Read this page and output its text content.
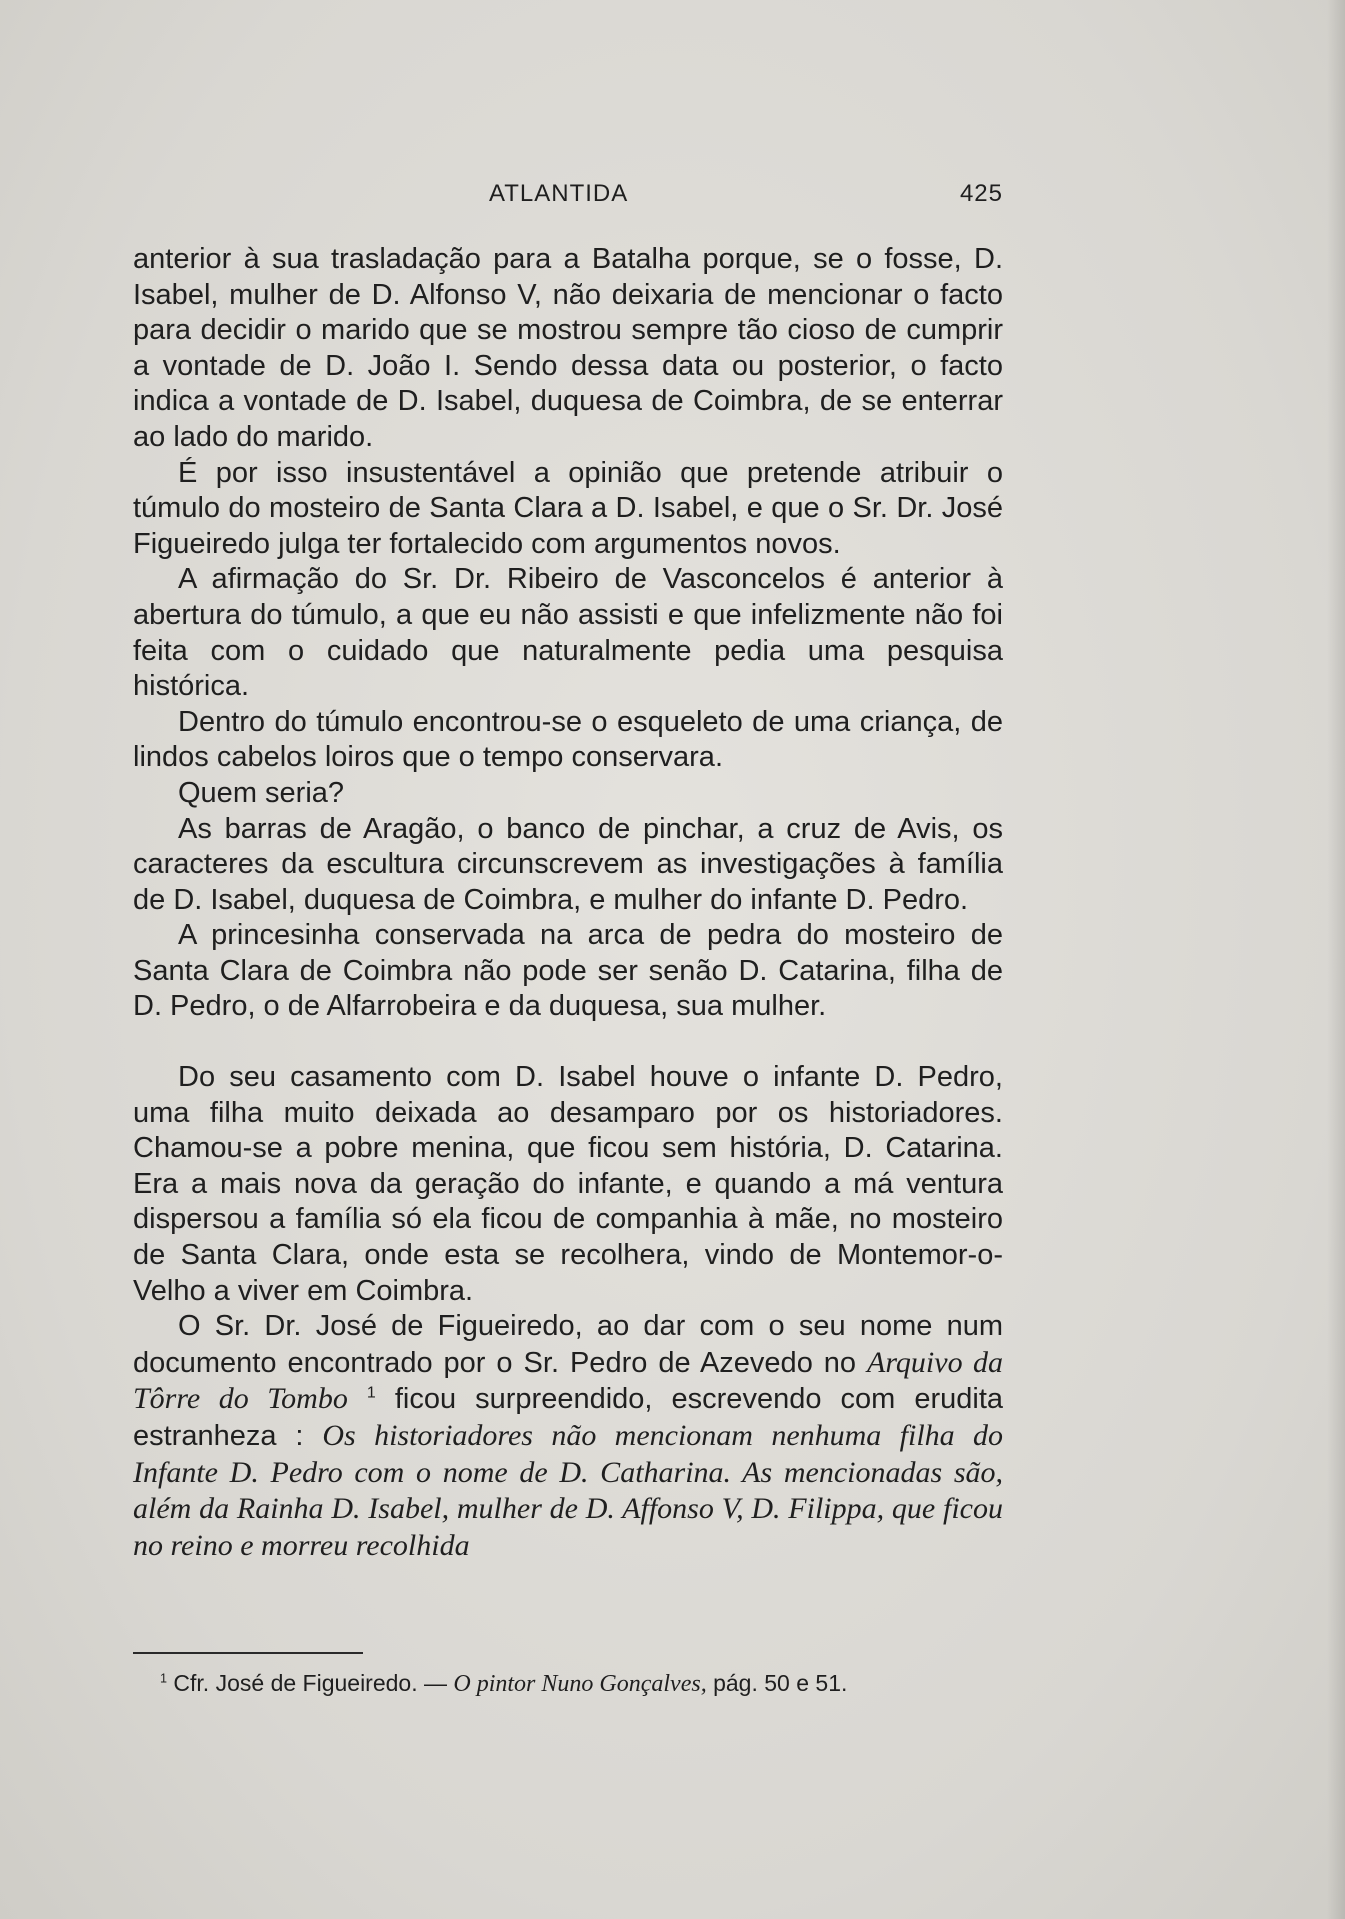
ATLANTIDA	425

anterior à sua trasladação para a Batalha porque, se o fosse, D. Isabel, mulher de D. Alfonso V, não deixaria de mencionar o facto para decidir o marido que se mostrou sempre tão cioso de cumprir a vontade de D. João I. Sendo dessa data ou posterior, o facto indica a vontade de D. Isabel, duquesa de Coimbra, de se enterrar ao lado do marido.

É por isso insustentável a opinião que pretende atribuir o túmulo do mosteiro de Santa Clara a D. Isabel, e que o Sr. Dr. José Figueiredo julga ter fortalecido com argumentos novos.

A afirmação do Sr. Dr. Ribeiro de Vasconcelos é anterior à abertura do túmulo, a que eu não assisti e que infelizmente não foi feita com o cuidado que naturalmente pedia uma pesquisa histórica.

Dentro do túmulo encontrou-se o esqueleto de uma criança, de lindos cabelos loiros que o tempo conservara.

Quem seria?

As barras de Aragão, o banco de pinchar, a cruz de Avis, os caracteres da escultura circunscrevem as investigações à família de D. Isabel, duquesa de Coimbra, e mulher do infante D. Pedro.

A princesinha conservada na arca de pedra do mosteiro de Santa Clara de Coimbra não pode ser senão D. Catarina, filha de D. Pedro, o de Alfarrobeira e da duquesa, sua mulher.

Do seu casamento com D. Isabel houve o infante D. Pedro, uma filha muito deixada ao desamparo por os historiadores. Chamou-se a pobre menina, que ficou sem história, D. Catarina. Era a mais nova da geração do infante, e quando a má ventura dispersou a família só ela ficou de companhia à mãe, no mosteiro de Santa Clara, onde esta se recolhera, vindo de Montemor-o-Velho a viver em Coimbra.

O Sr. Dr. José de Figueiredo, ao dar com o seu nome num documento encontrado por o Sr. Pedro de Azevedo no Arquivo da Tôrre do Tombo $^1$ ficou surpreendido, escrevendo com erudita estranheza : Os historiadores não mencionam nenhuma filha do Infante D. Pedro com o nome de D. Catharina. As mencionadas são, além da Rainha D. Isabel, mulher de D. Affonso V, D. Filippa, que ficou no reino e morreu recolhida

$^1$ Cfr. José de Figueiredo. — O pintor Nuno Gonçalves, pág. 50 e 51.
